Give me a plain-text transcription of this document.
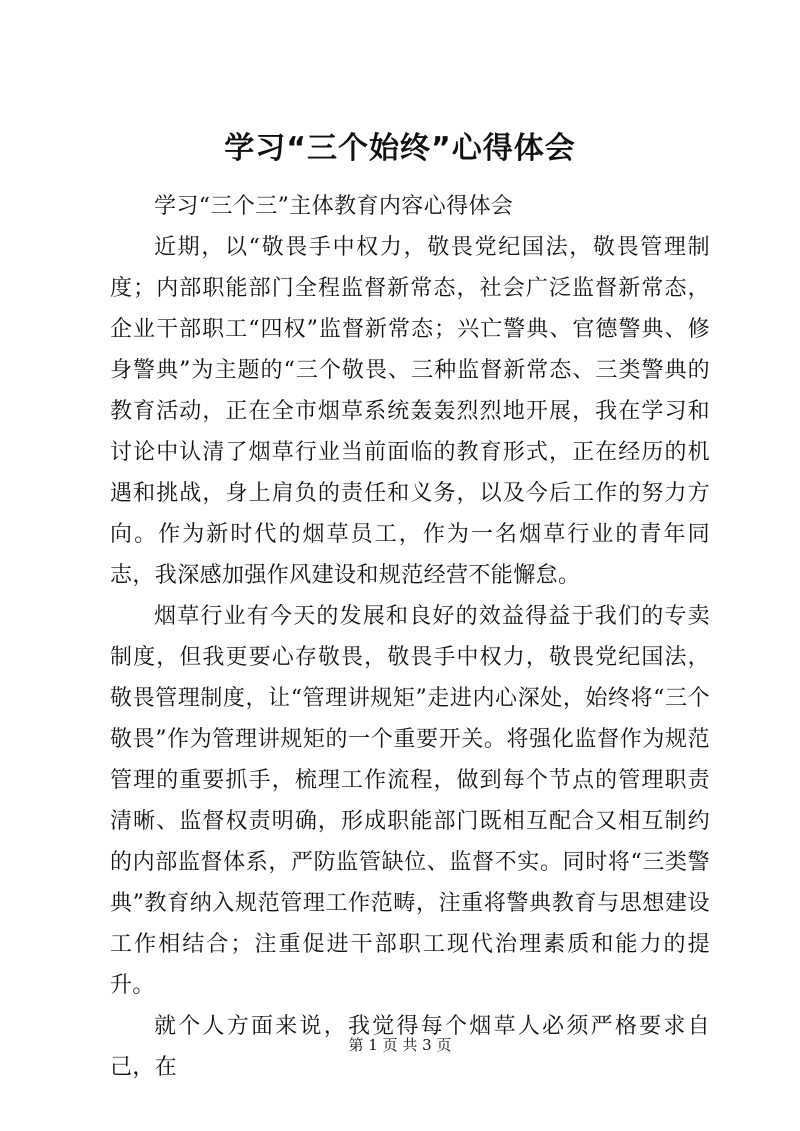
学习“三个始终”心得体会

学习“三个三”主体教育内容心得体会

近期，以“敬畏手中权力，敬畏党纪国法，敬畏管理制度；内部职能部门全程监督新常态，社会广泛监督新常态，企业干部职工“四权”监督新常态；兴亡警典、官德警典、修身警典”为主题的“三个敬畏、三种监督新常态、三类警典的教育活动，正在全市烟草系统轰轰烈烈地开展，我在学习和讨论中认清了烟草行业当前面临的教育形式，正在经历的机遇和挑战，身上肩负的责任和义务，以及今后工作的努力方向。作为新时代的烟草员工，作为一名烟草行业的青年同志，我深感加强作风建设和规范经营不能懈怠。

烟草行业有今天的发展和良好的效益得益于我们的专卖制度，但我更要心存敬畏，敬畏手中权力，敬畏党纪国法，敬畏管理制度，让“管理讲规矩”走进内心深处，始终将“三个敬畏”作为管理讲规矩的一个重要开关。将强化监督作为规范管理的重要抓手，梳理工作流程，做到每个节点的管理职责清晰、监督权责明确，形成职能部门既相互配合又相互制约的内部监督体系，严防监管缺位、监督不实。同时将“三类警典”教育纳入规范管理工作范畴，注重将警典教育与思想建设工作相结合；注重促进干部职工现代治理素质和能力的提升。

就个人方面来说，我觉得每个烟草人必须严格要求自己，在

第 1 页 共 3 页
